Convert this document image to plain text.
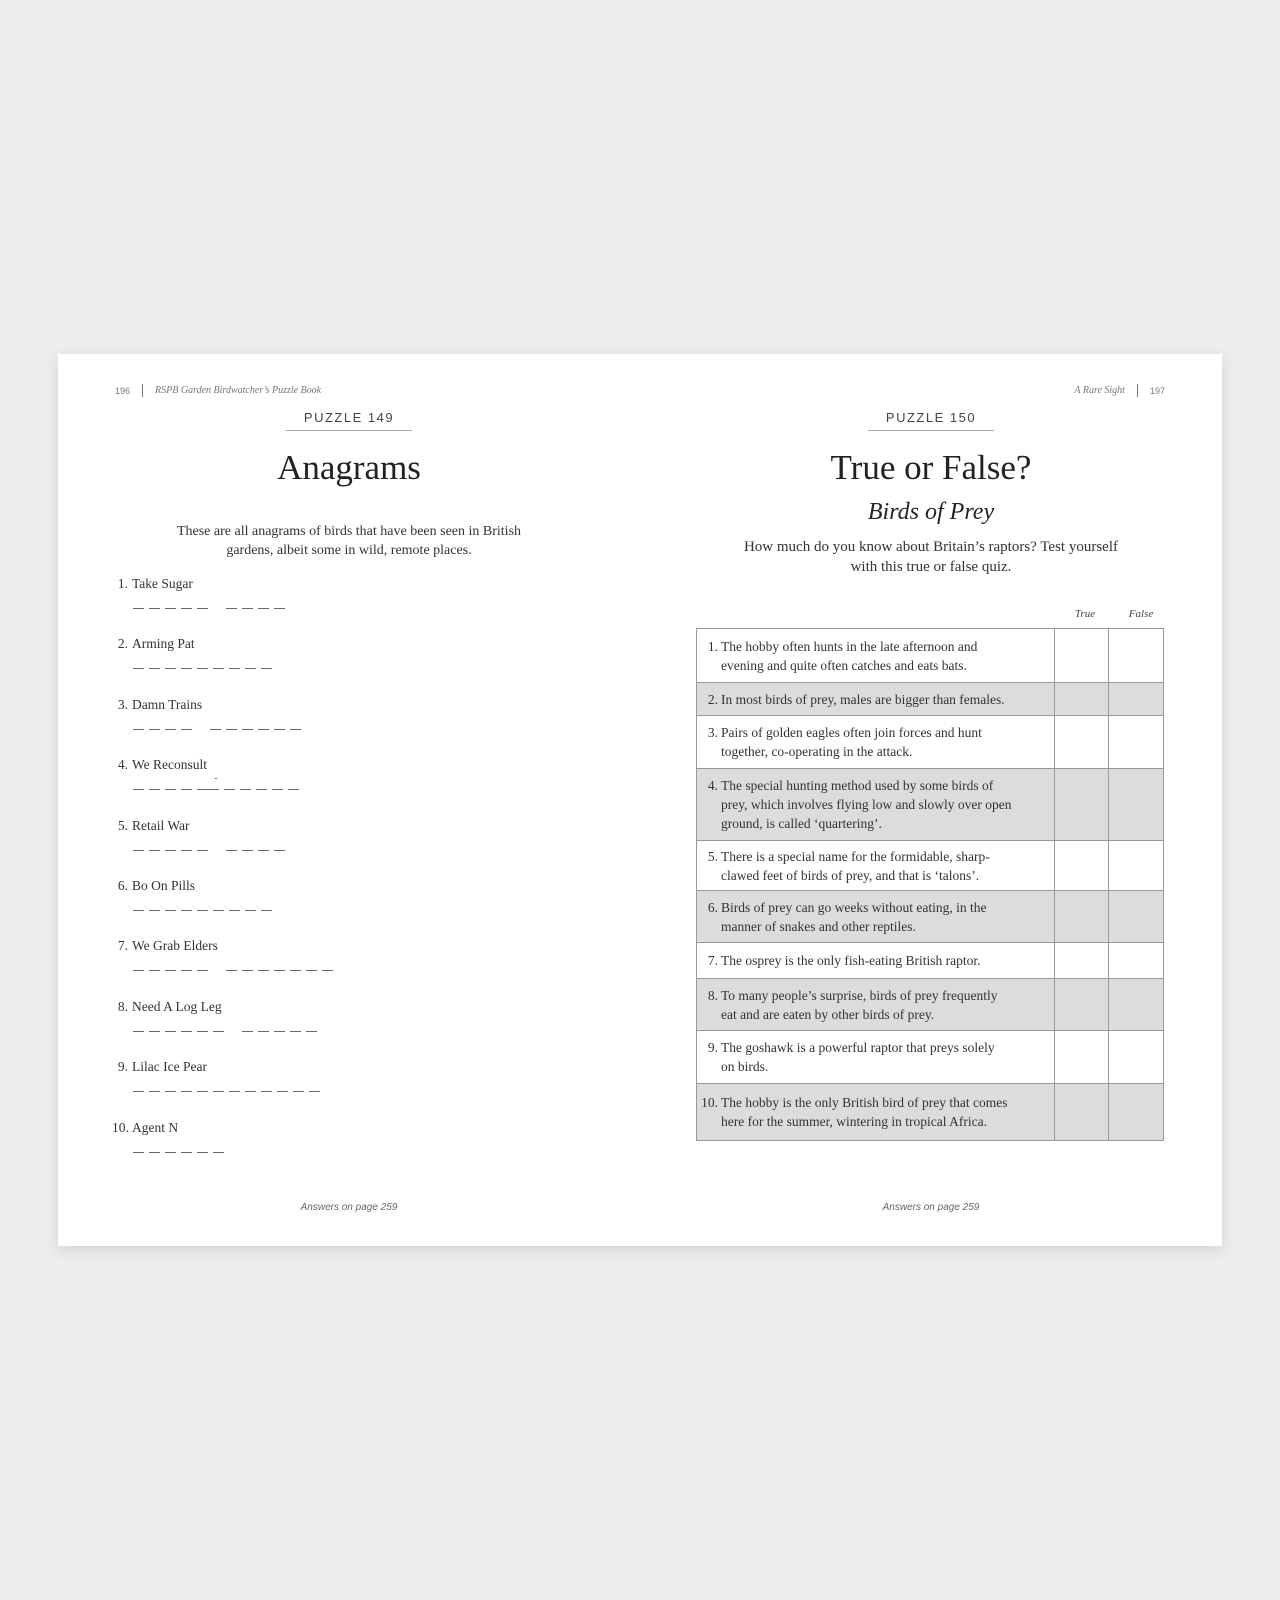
196	RSPB Garden Birdwatcher’s Puzzle Book
PUZZLE 149
Anagrams
These are all anagrams of birds that have been seen in British
gardens, albeit some in wild, remote places.
1. Take Sugar
2. Arming Pat
3. Damn Trains
4. We Reconsult
-
5. Retail War
6. Bo On Pills
7. We Grab Elders
8. Need A Log Leg
9. Lilac Ice Pear
10. Agent N
Answers on page 259
A Rare Sight	197
PUZZLE 150
True or False?
Birds of Prey
How much do you know about Britain’s raptors? Test yourself
with this true or false quiz.
True	False
1. The hobby often hunts in the late afternoon and
evening and quite often catches and eats bats.		

2. In most birds of prey, males are bigger than females.		

3. Pairs of golden eagles often join forces and hunt
together, co-operating in the attack.		

4. The special hunting method used by some birds of
prey, which involves flying low and slowly over open
ground, is called ‘quartering’.		

5. There is a special name for the formidable, sharp-
clawed feet of birds of prey, and that is ‘talons’.		

6. Birds of prey can go weeks without eating, in the
manner of snakes and other reptiles.		

7. The osprey is the only fish-eating British raptor.		

8. To many people’s surprise, birds of prey frequently
eat and are eaten by other birds of prey.		

9. The goshawk is a powerful raptor that preys solely
on birds.		

10. The hobby is the only British bird of prey that comes
here for the summer, wintering in tropical Africa.		

Answers on page 259
